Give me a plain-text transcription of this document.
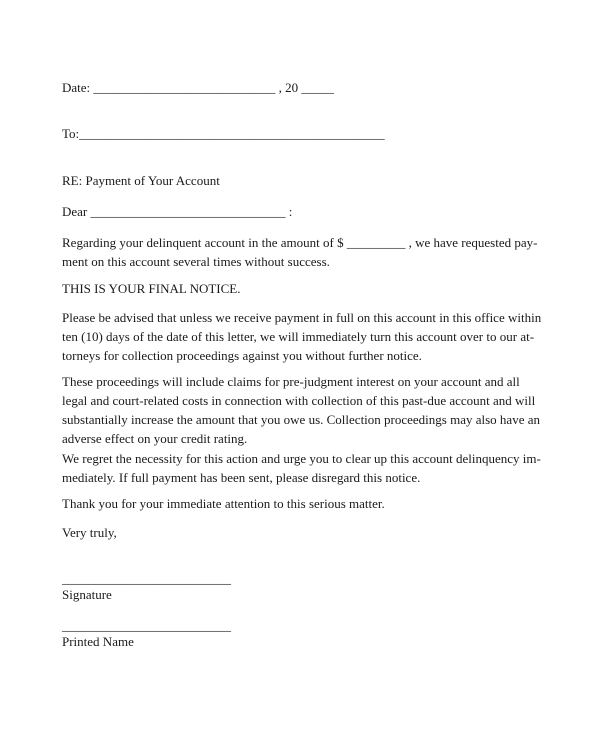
Date: ____________________________ , 20 _____
To:_______________________________________________
RE: Payment of Your Account
Dear ______________________________ :
Regarding your delinquent account in the amount of $ _________ , we have requested pay-
ment on this account several times without success.
THIS IS YOUR FINAL NOTICE.
Please be advised that unless we receive payment in full on this account in this office within
ten (10) days of the date of this letter, we will immediately turn this account over to our at-
torneys for collection proceedings against you without further notice.
These proceedings will include claims for pre-judgment interest on your account and all
legal and court-related costs in connection with collection of this past-due account and will
substantially increase the amount that you owe us. Collection proceedings may also have an
adverse effect on your credit rating.
We regret the necessity for this action and urge you to clear up this account delinquency im-
mediately. If full payment has been sent, please disregard this notice.
Thank you for your immediate attention to this serious matter.
Very truly,
__________________________
Signature
__________________________
Printed Name
